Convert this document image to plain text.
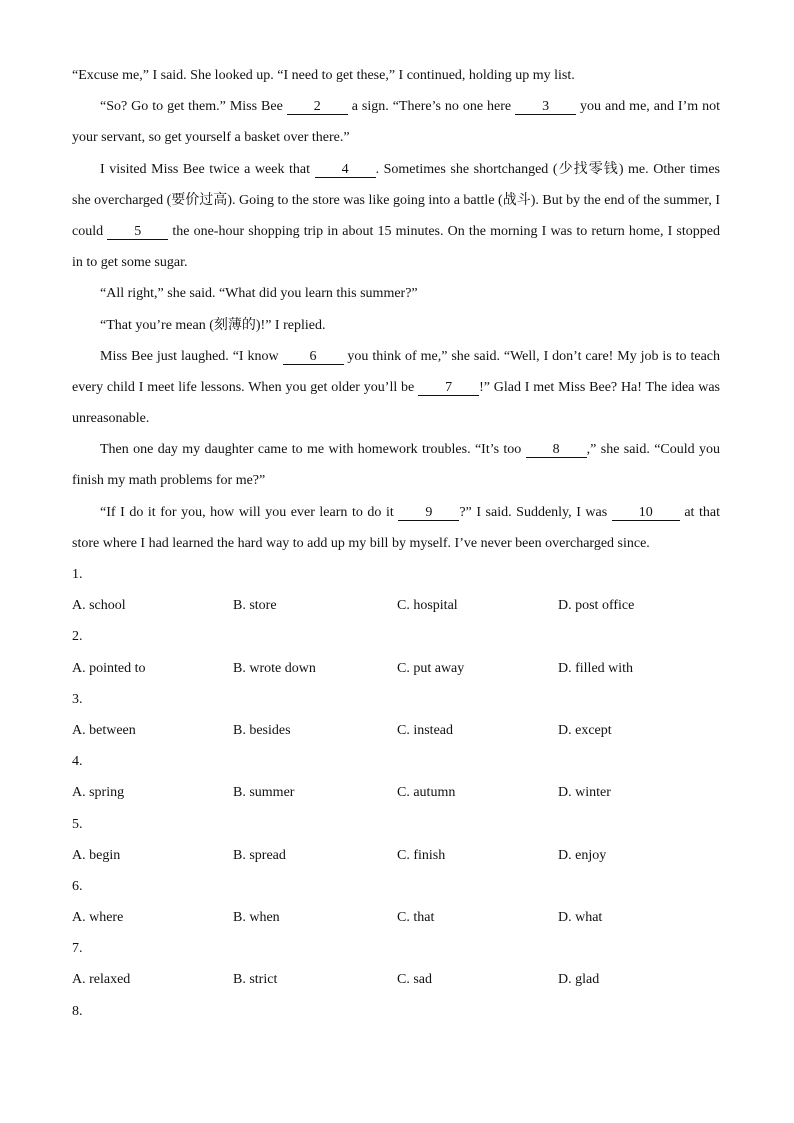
“Excuse me,” I said. She looked up. “I need to get these,” I continued, holding up my list.
“So? Go to get them.” Miss Bee 2 a sign. “There’s no one here 3 you and me, and I’m not
your servant, so get yourself a basket over there.”
I visited Miss Bee twice a week that 4 . Sometimes she shortchanged (少找零钱) me. Other times
she overcharged (要价过高). Going to the store was like going into a battle (战斗). But by the end of the summer, I
could 5 the one-hour shopping trip in about 15 minutes. On the morning I was to return home, I stopped
in to get some sugar.
“All right,” she said. “What did you learn this summer?”
“That you’re mean (刻薄的)!” I replied.
Miss Bee just laughed. “I know 6 you think of me,” she said. “Well, I don’t care! My job is to teach
every child I meet life lessons. When you get older you’ll be 7 !” Glad I met Miss Bee? Ha! The idea was
unreasonable.
Then one day my daughter came to me with homework troubles. “It’s too 8 ,” she said. “Could you
finish my math problems for me?”
“If I do it for you, how will you ever learn to do it 9 ?” I said. Suddenly, I was 10 at that
store where I had learned the hard way to add up my bill by myself. I’ve never been overcharged since.
1.
A. school	B. store	C. hospital	D. post office
2.
A. pointed to	B. wrote down	C. put away	D. filled with
3.
A. between	B. besides	C. instead	D. except
4.
A. spring	B. summer	C. autumn	D. winter
5.
A. begin	B. spread	C. finish	D. enjoy
6.
A. where	B. when	C. that	D. what
7.
A. relaxed	B. strict	C. sad	D. glad
8.
